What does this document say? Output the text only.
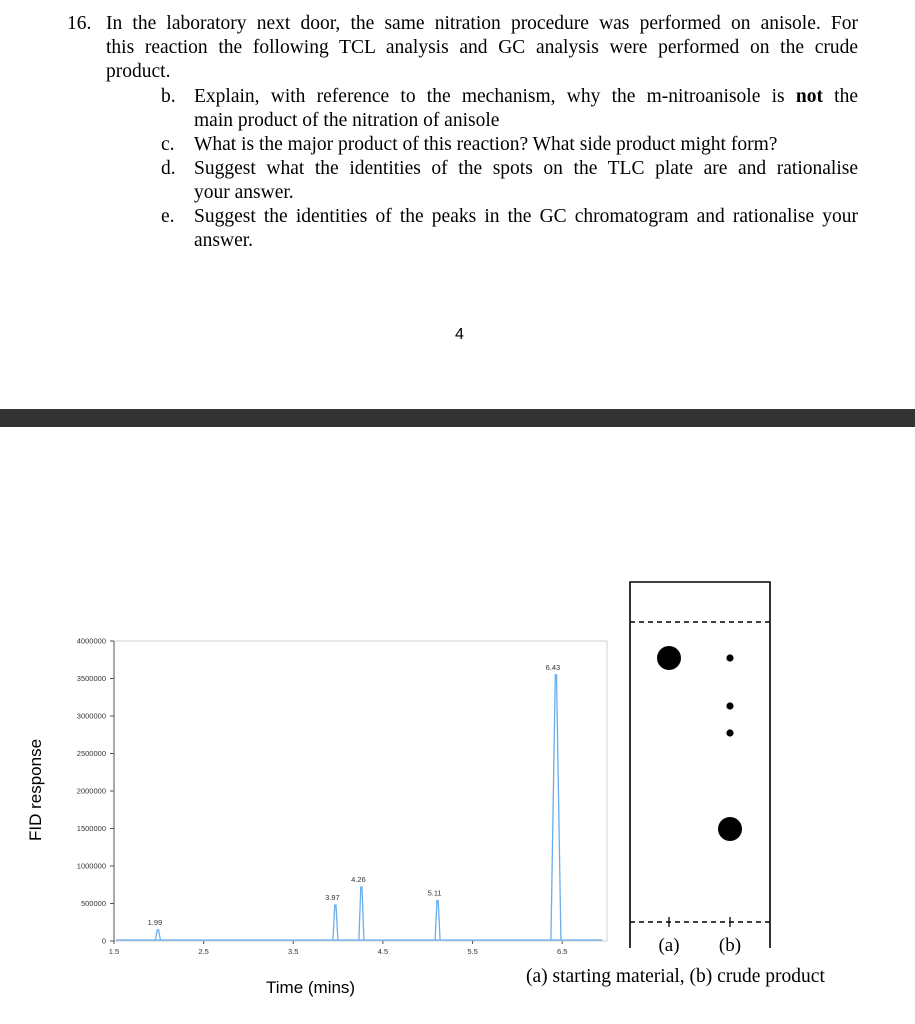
16. In the laboratory next door, the same nitration procedure was performed on anisole. For
this reaction the following TCL analysis and GC analysis were performed on the crude
product.
b. Explain, with reference to the mechanism, why the m-nitroanisole is not the
main product of the nitration of anisole
c. What is the major product of this reaction? What side product might form?
d. Suggest what the identities of the spots on the TLC plate are and rationalise
your answer.
e. Suggest the identities of the peaks in the GC chromatogram and rationalise your
answer.
4
0
500000
1000000
1500000
2000000
2500000
3000000
3500000
4000000
1.5	2.5	3.5	4.5	5.5	6.5
1.99
3.97
4.26
5.11
6.43
FID response
Time (mins)
(a) (b)
(a) starting material, (b) crude product
